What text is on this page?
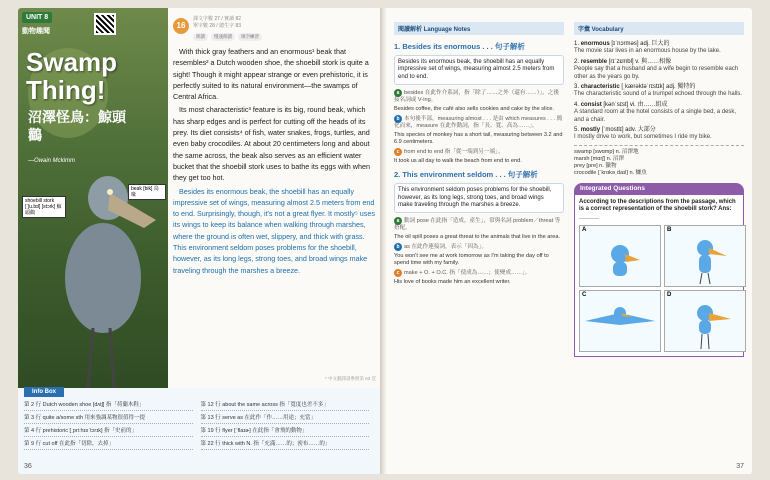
UNIT 8
動物趣聞
Swamp Thing!
沼澤怪鳥：鯨頭鸛
—Owain Mckimm
beak [bik] 鳥喙
shoebill stork [ˈʃu.bɪl] [stɔrk] 鯨頭鸛
16
課文字數 27 / 實讀 82
單字數 28 / 總生字 83
朗讀	慢速朗讀	填空練習

With thick gray feathers and an enormous¹ beak that resembles² a Dutch wooden shoe, the shoebill stork is quite a sight! Though it might appear strange or even prehistoric, it is perfectly suited to its natural environment—the swamps of Central Africa.

Its most characteristic³ feature is its big, round beak, which has sharp edges and is perfect for cutting off the heads of its prey. Its diet consists⁴ of fish, water snakes, frogs, turtles, and even baby crocodiles. At about 20 centimeters long and about the same across, the beak also serves as an efficient water bucket that the shoebill stork uses to bathe its eggs with when they get too hot.

Besides its enormous beak, the shoebill has an equally impressive set of wings, measuring almost 2.5 meters from end to end. Surprisingly, though, it's not a great flyer. It mostly⁵ uses its wings to keep its balance when walking through marshes, where the ground is often wet, slippery, and thick with grass. This environment seldom poses problems for the shoebill, however, as its long legs, strong toes, and broad wings make traveling through the marshes a breeze.

* 中文翻譯請參照第 63 頁
Info Box
第 2 行 Dutch wooden shoe [dʌtʃ] 指「荷蘭木鞋」	第 12 行 about the same across 指「寬度也差不多」
第 3 行 quite a/some sth 用來強調某物很值得一提	第 13 行 serve as 在此作「作……用途；充當」
第 4 行 prehistoric [ˌpriːhɪsˈtɔrɪk] 指「史前的」	第 19 行 flyer [ˈflaɪɚ] 在此指「會飛的動物」
第 9 行 cut off 在此指「切除，去掉」	第 22 行 thick with N. 指「充滿……的；密布……的」
36
閱讀解析 Language Notes
1. Besides its enormous . . . 句子解析
Besides its enormous beak, the shoebill has an equally impressive set of wings, measuring almost 2.5 meters from end to end.
a besides 在此作介系詞，指「除了……之外（還有……）」，之後接名詞或 V-ing。
Besides coffee, the café also sells cookies and cake by the slice.
b 本句後半部，measuring almost . . . 是由 which measures . . . 簡化而來，measure 在此作動詞，指「長、寬、高為……」。
This species of monkey has a short tail, measuring between 3.2 and 6.9 centimeters.
c from end to end 指「從一端到另一端」。
It took us all day to walk the beach from end to end.
2. This environment seldom . . . 句子解析
This environment seldom poses problems for the shoebill, however, as its long legs, strong toes, and broad wings make traveling through the marshes a breeze.
a 動詞 pose 在此指「造成，產生」，常與名詞 problem／threat 等搭配。
The oil spill poses a great threat to the animals that live in the area.
b as 在此作連接詞，表示「因為」。
You won't see me at work tomorrow as I'm taking the day off to spend time with my family.
c make + O. + O.C. 指「使成為……；使變成……」。
His love of books made him an excellent writer.
字彙 Vocabulary
1. enormous [ɪˈnɔrməs] adj. 巨大的
The movie star lives in an enormous house by the lake.
2. resemble [rɪˈzɛmbl] v. 與……相像
People say that a husband and a wife begin to resemble each other as the years go by.
3. characteristic [ˌkærəktəˈrɪstɪk] adj. 獨特的
The characteristic sound of a trumpet echoed through the halls.
4. consist [kənˈsɪst] vi. 由……組成
A standard room at the hotel consists of a single bed, a desk, and a chair.
5. mostly [ˈmostlɪ] adv. 大部分
I mostly drive to work, but sometimes I ride my bike.
swamp [swɑmp] n. 沼澤地
marsh [mɑrʃ] n. 沼澤
prey [pre] n. 獵物
crocodile [ˈkrɑkəˌdaɪl] n. 鱷魚
Integrated Questions
According to the descriptions from the passage, which is a correct representation of the shoebill stork? Ans: ______
A	B
C	D
37
